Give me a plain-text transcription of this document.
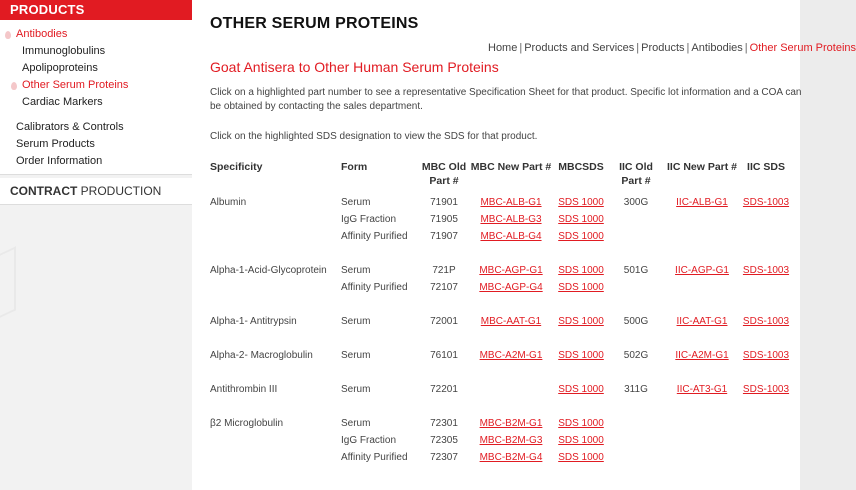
PRODUCTS
Antibodies
Immunoglobulins
Apolipoproteins
Other Serum Proteins
Cardiac Markers
Calibrators & Controls
Serum Products
Order Information
CONTRACT PRODUCTION
OTHER SERUM PROTEINS
Home | Products and Services | Products | Antibodies | Other Serum Proteins
Goat Antisera to Other Human Serum Proteins
Click on a highlighted part number to see a representative Specification Sheet for that product. Specific lot information and a COA can be obtained by contacting the sales department.
Click on the highlighted SDS designation to view the SDS for that product.
Specificity	Form	MBC Old Part #	MBC New Part #	MBCSDS	IIC Old Part #	IIC New Part #	IIC SDS
Albumin	Serum	71901	MBC-ALB-G1	SDS 1000	300G	IIC-ALB-G1	SDS-1003
	IgG Fraction	71905	MBC-ALB-G3	SDS 1000			
	Affinity Purified	71907	MBC-ALB-G4	SDS 1000			

Alpha-1-Acid-Glycoprotein	Serum	721P	MBC-AGP-G1	SDS 1000	501G	IIC-AGP-G1	SDS-1003
	Affinity Purified	72107	MBC-AGP-G4	SDS 1000			

Alpha-1- Antitrypsin	Serum	72001	MBC-AAT-G1	SDS 1000	500G	IIC-AAT-G1	SDS-1003

Alpha-2- Macroglobulin	Serum	76101	MBC-A2M-G1	SDS 1000	502G	IIC-A2M-G1	SDS-1003

Antithrombin III	Serum	72201		SDS 1000	311G	IIC-AT3-G1	SDS-1003

β2 Microglobulin	Serum	72301	MBC-B2M-G1	SDS 1000			
	IgG Fraction	72305	MBC-B2M-G3	SDS 1000			
	Affinity Purified	72307	MBC-B2M-G4	SDS 1000			
